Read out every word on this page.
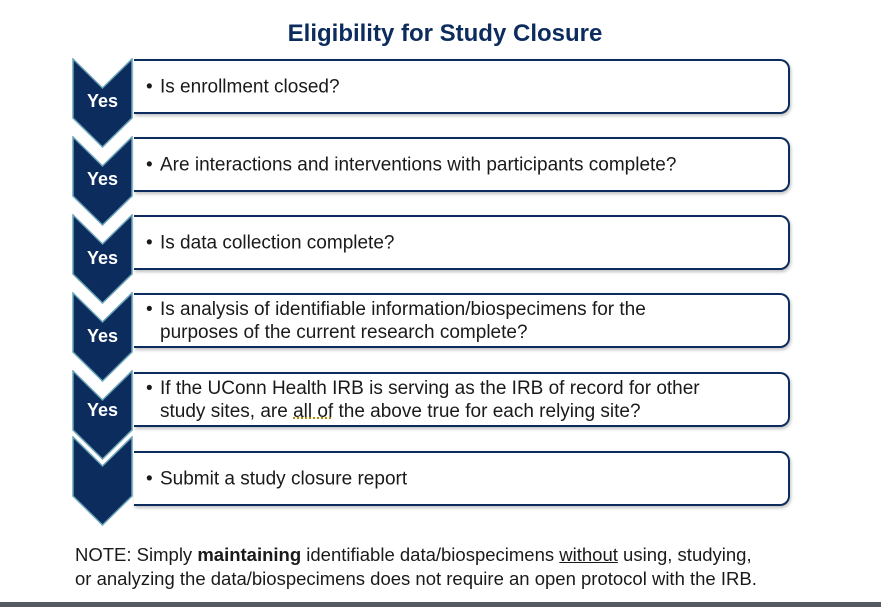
Eligibility for Study Closure
Yes
• Is enrollment closed?
Yes
• Are interactions and interventions with participants complete?
Yes
• Is data collection complete?
Yes
• Is analysis of identifiable information/biospecimens for the
purposes of the current research complete?
Yes
• If the UConn Health IRB is serving as the IRB of record for other
study sites, are all of the above true for each relying site?
• Submit a study closure report
NOTE: Simply maintaining identifiable data/biospecimens without using, studying,
or analyzing the data/biospecimens does not require an open protocol with the IRB.
